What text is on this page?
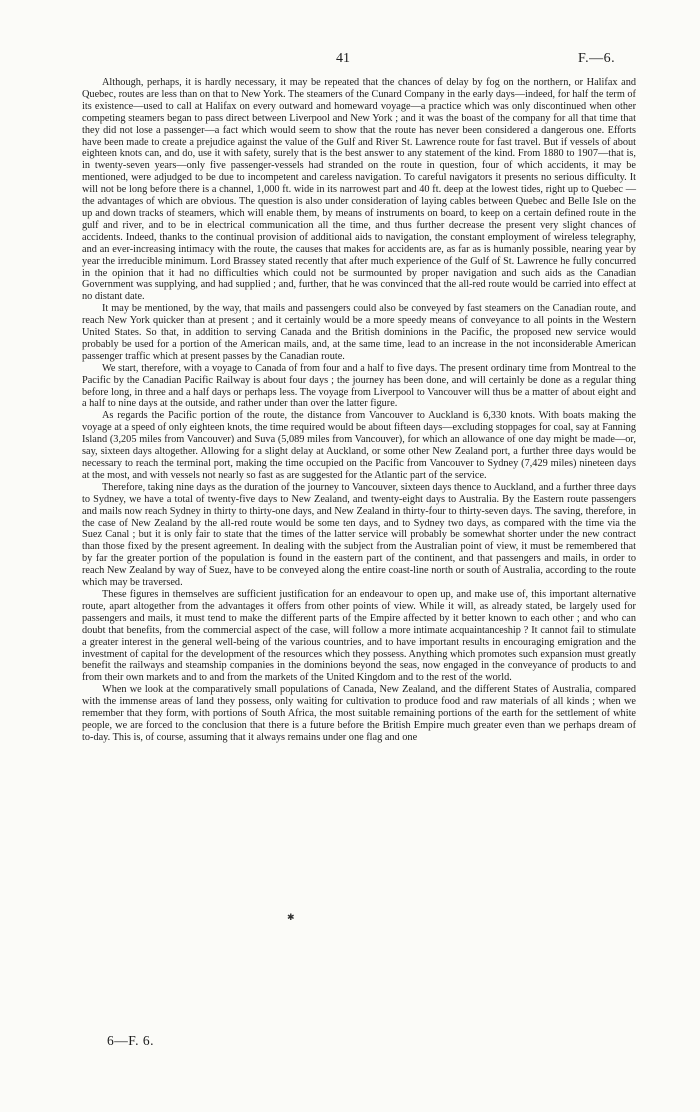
41	F.—6.

Although, perhaps, it is hardly necessary, it may be repeated that the chances of delay by fog on the northern, or Halifax and Quebec, routes are less than on that to New York. The steamers of the Cunard Company in the early days—indeed, for half the term of its existence—used to call at Halifax on every outward and homeward voyage—a practice which was only discontinued when other competing steamers began to pass direct between Liverpool and New York ; and it was the boast of the company for all that time that they did not lose a passenger—a fact which would seem to show that the route has never been considered a dangerous one. Efforts have been made to create a prejudice against the value of the Gulf and River St. Lawrence route for fast travel. But if vessels of about eighteen knots can, and do, use it with safety, surely that is the best answer to any statement of the kind. From 1880 to 1907—that is, in twenty-seven years—only five passenger-vessels had stranded on the route in question, four of which accidents, it may be mentioned, were adjudged to be due to incompetent and careless navigation. To careful navigators it presents no serious difficulty. It will not be long before there is a channel, 1,000 ft. wide in its narrowest part and 40 ft. deep at the lowest tides, right up to Quebec —the advantages of which are obvious. The question is also under consideration of laying cables between Quebec and Belle Isle on the up and down tracks of steamers, which will enable them, by means of instruments on board, to keep on a certain defined route in the gulf and river, and to be in electrical communication all the time, and thus further decrease the present very slight chances of accidents. Indeed, thanks to the continual provision of additional aids to navigation, the constant employment of wireless telegraphy, and an ever-increasing intimacy with the route, the causes that makes for accidents are, as far as is humanly possible, nearing year by year the irreducible minimum. Lord Brassey stated recently that after much experience of the Gulf of St. Lawrence he fully concurred in the opinion that it had no difficulties which could not be surmounted by proper navigation and such aids as the Canadian Government was supplying, and had supplied ; and, further, that he was convinced that the all-red route would be carried into effect at no distant date.

It may be mentioned, by the way, that mails and passengers could also be conveyed by fast steamers on the Canadian route, and reach New York quicker than at present ; and it certainly would be a more speedy means of conveyance to all points in the Western United States. So that, in addition to serving Canada and the British dominions in the Pacific, the proposed new service would probably be used for a portion of the American mails, and, at the same time, lead to an increase in the not inconsiderable American passenger traffic which at present passes by the Canadian route.

We start, therefore, with a voyage to Canada of from four and a half to five days. The present ordinary time from Montreal to the Pacific by the Canadian Pacific Railway is about four days ; the journey has been done, and will certainly be done as a regular thing before long, in three and a half days or perhaps less. The voyage from Liverpool to Vancouver will thus be a matter of about eight and a half to nine days at the outside, and rather under than over the latter figure.

As regards the Pacific portion of the route, the distance from Vancouver to Auckland is 6,330 knots. With boats making the voyage at a speed of only eighteen knots, the time required would be about fifteen days—excluding stoppages for coal, say at Fanning Island (3,205 miles from Vancouver) and Suva (5,089 miles from Vancouver), for which an allowance of one day might be made—or, say, sixteen days altogether. Allowing for a slight delay at Auckland, or some other New Zealand port, a further three days would be necessary to reach the terminal port, making the time occupied on the Pacific from Vancouver to Sydney (7,429 miles) nineteen days at the most, and with vessels not nearly so fast as are suggested for the Atlantic part of the service.

Therefore, taking nine days as the duration of the journey to Vancouver, sixteen days thence to Auckland, and a further three days to Sydney, we have a total of twenty-five days to New Zealand, and twenty-eight days to Australia. By the Eastern route passengers and mails now reach Sydney in thirty to thirty-one days, and New Zealand in thirty-four to thirty-seven days. The saving, therefore, in the case of New Zealand by the all-red route would be some ten days, and to Sydney two days, as compared with the time via the Suez Canal ; but it is only fair to state that the times of the latter service will probably be somewhat shorter under the new contract than those fixed by the present agreement. In dealing with the subject from the Australian point of view, it must be remembered that by far the greater portion of the population is found in the eastern part of the continent, and that passengers and mails, in order to reach New Zealand by way of Suez, have to be conveyed along the entire coast-line north or south of Australia, according to the route which may be traversed.

These figures in themselves are sufficient justification for an endeavour to open up, and make use of, this important alternative route, apart altogether from the advantages it offers from other points of view. While it will, as already stated, be largely used for passengers and mails, it must tend to make the different parts of the Empire affected by it better known to each other ; and who can doubt that benefits, from the commercial aspect of the case, will follow a more intimate acquaintanceship ? It cannot fail to stimulate a greater interest in the general well-being of the various countries, and to have important results in encouraging emigration and the investment of capital for the development of the resources which they possess. Anything which promotes such expansion must greatly benefit the railways and steamship companies in the dominions beyond the seas, now engaged in the conveyance of products to and from their own markets and to and from the markets of the United Kingdom and to the rest of the world.

When we look at the comparatively small populations of Canada, New Zealand, and the different States of Australia, compared with the immense areas of land they possess, only waiting for cultivation to produce food and raw materials of all kinds ; when we remember that they form, with portions of South Africa, the most suitable remaining portions of the earth for the settlement of white people, we are forced to the conclusion that there is a future before the British Empire much greater even than we perhaps dream of to-day. This is, of course, assuming that it always remains under one flag and one

✱
6—F. 6.
